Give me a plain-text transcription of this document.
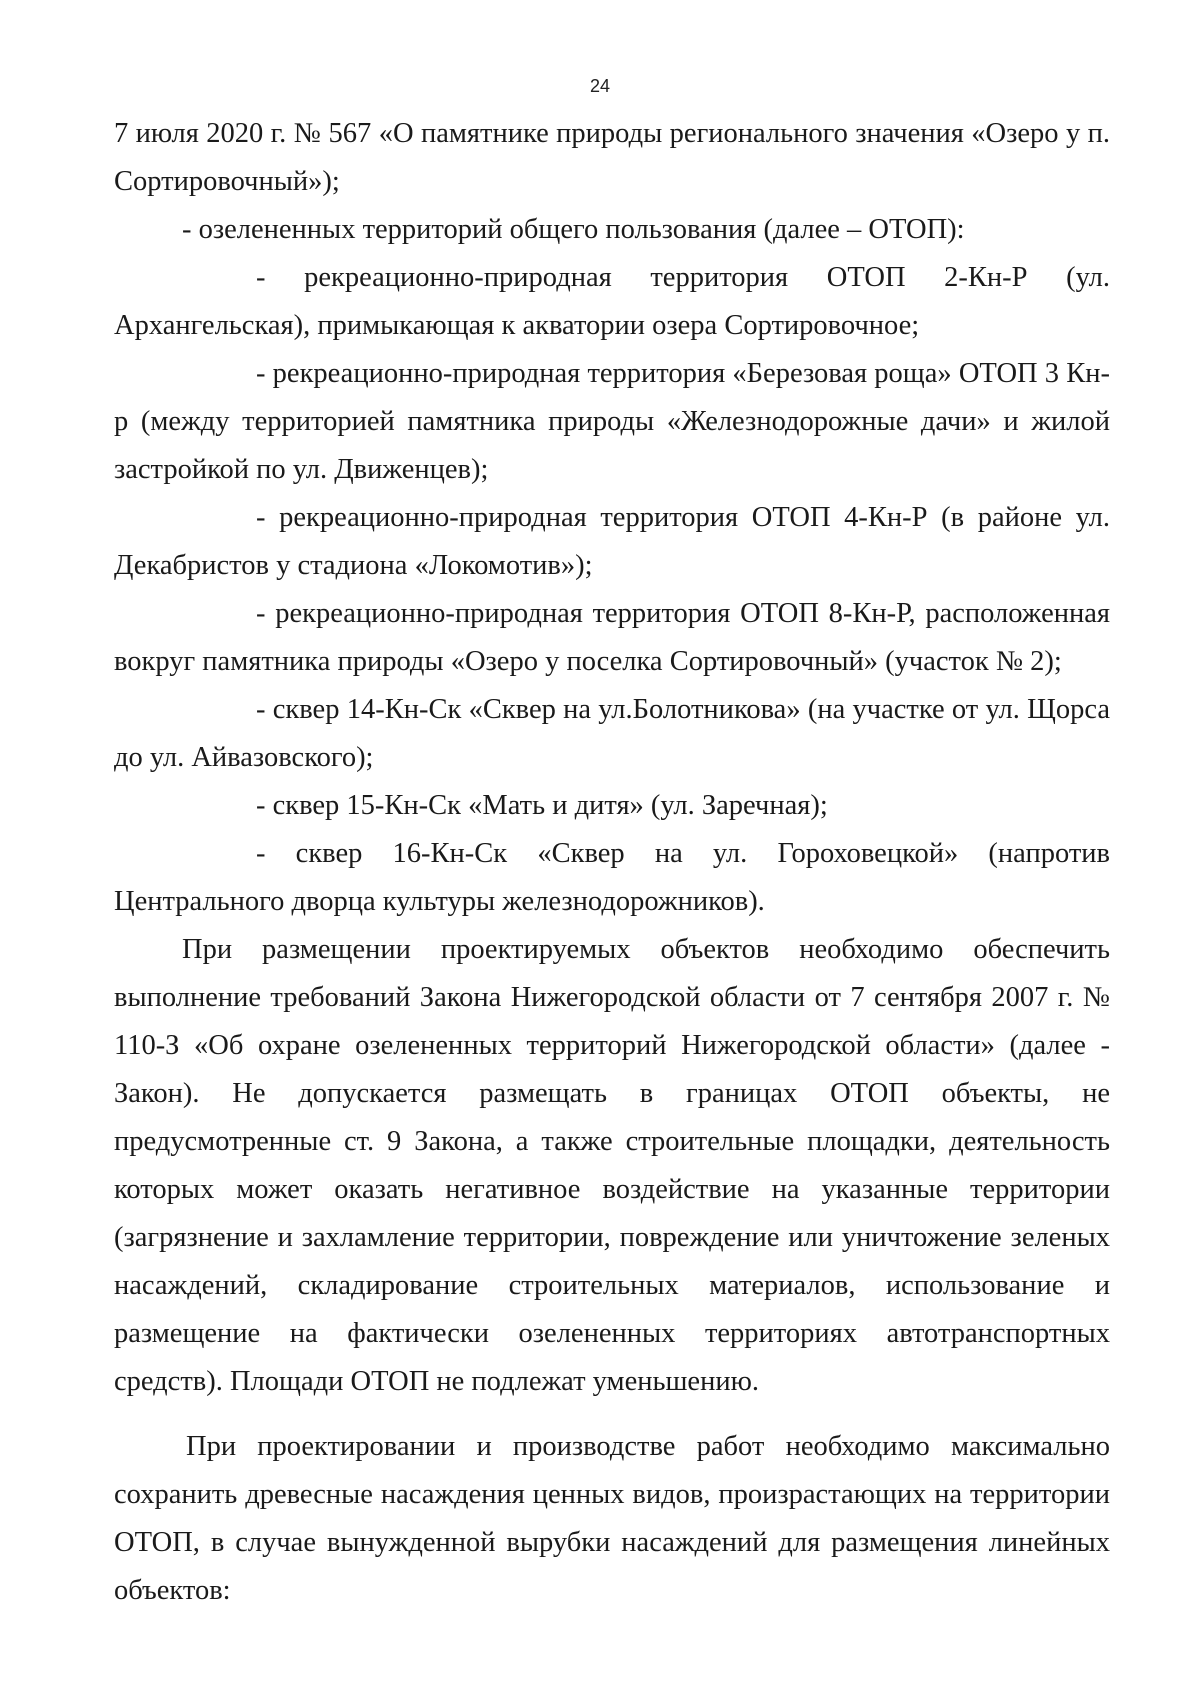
24

7 июля 2020 г. № 567 «О памятнике природы регионального значения «Озеро у п. Сортировочный»);

- озелененных территорий общего пользования (далее – ОТОП):

- рекреационно-природная территория ОТОП 2-Кн-Р (ул. Архангельская), примыкающая к акватории озера Сортировочное;

- рекреационно-природная территория «Березовая роща» ОТОП 3 Кн-р (между территорией памятника природы «Железнодорожные дачи» и жилой застройкой по ул. Движенцев);

- рекреационно-природная территория ОТОП 4-Кн-Р (в районе ул. Декабристов у стадиона «Локомотив»);

- рекреационно-природная территория ОТОП 8-Кн-Р, расположенная вокруг памятника природы «Озеро у поселка Сортировочный» (участок № 2);

- сквер 14-Кн-Ск «Сквер на ул.Болотникова» (на участке от ул. Щорса до ул. Айвазовского);

- сквер 15-Кн-Ск «Мать и дитя» (ул. Заречная);

- сквер 16-Кн-Ск «Сквер на ул. Гороховецкой» (напротив Центрального дворца культуры железнодорожников).

При размещении проектируемых объектов необходимо обеспечить выполнение требований Закона Нижегородской области от 7 сентября 2007 г. № 110-З «Об охране озелененных территорий Нижегородской области» (далее - Закон). Не допускается размещать в границах ОТОП объекты, не предусмотренные ст. 9 Закона, а также строительные площадки, деятельность которых может оказать негативное воздействие на указанные территории (загрязнение и захламление территории, повреждение или уничтожение зеленых насаждений, складирование строительных материалов, использование и размещение на фактически озелененных территориях автотранспортных средств). Площади ОТОП не подлежат уменьшению.

При проектировании и производстве работ необходимо максимально сохранить древесные насаждения ценных видов, произрастающих на территории ОТОП, в случае вынужденной вырубки насаждений для размещения линейных объектов:
